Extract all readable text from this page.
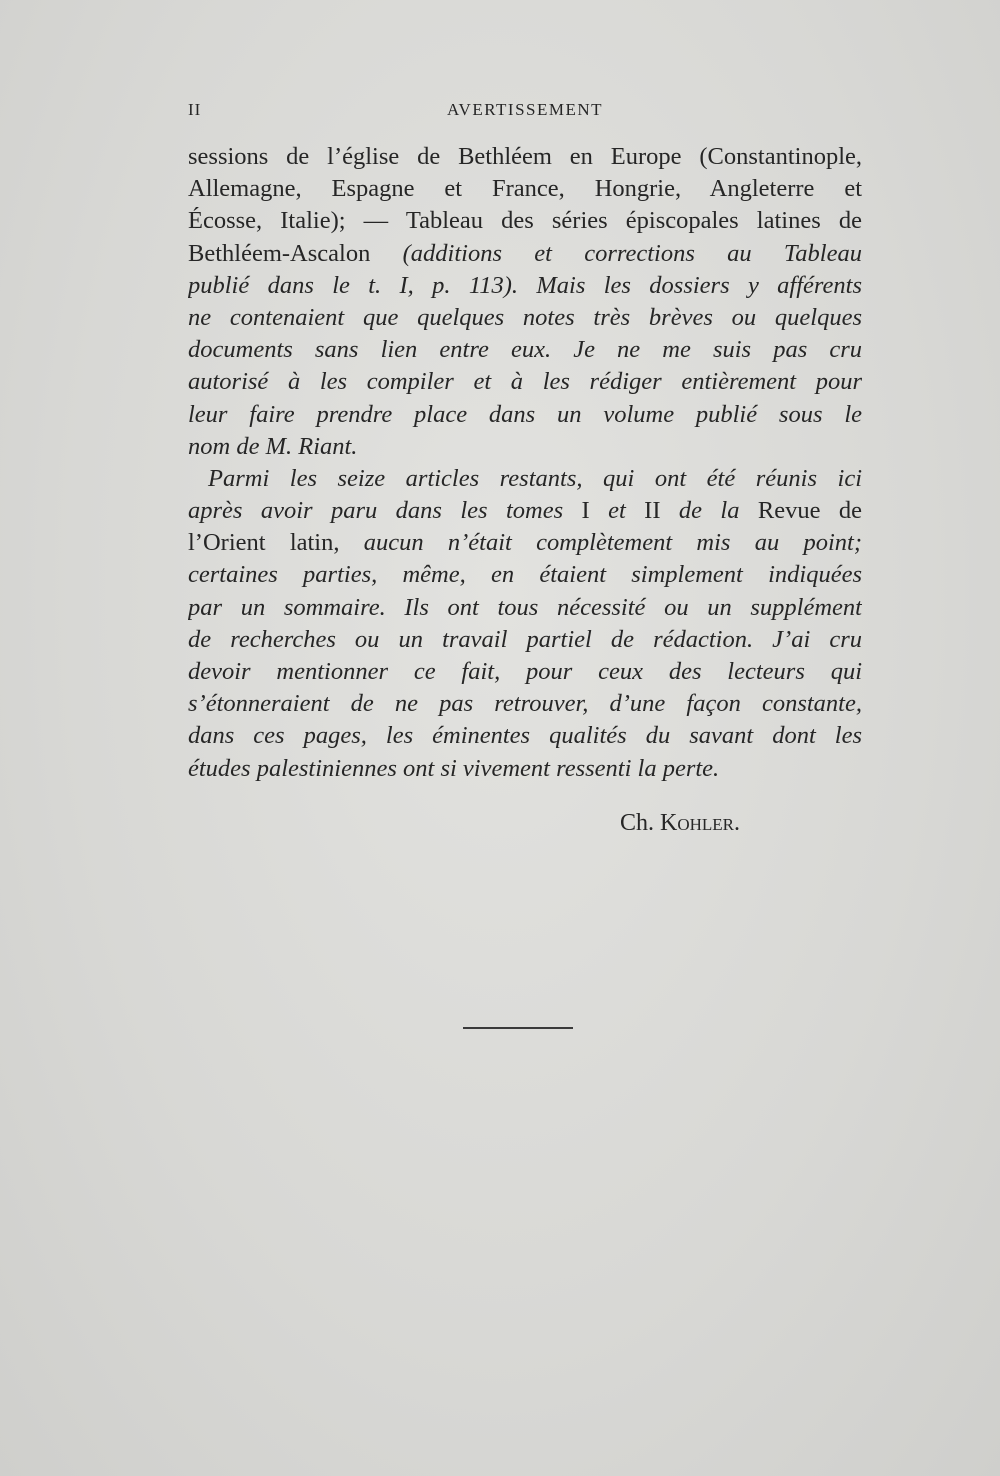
II	AVERTISSEMENT
sessions de l’église de Bethléem en Europe (Constantinople,
Allemagne, Espagne et France, Hongrie, Angleterre et
Écosse, Italie); — Tableau des séries épiscopales latines de
Bethléem-Ascalon (additions et corrections au Tableau
publié dans le t. I, p. 113). Mais les dossiers y afférents
ne contenaient que quelques notes très brèves ou quelques
documents sans lien entre eux. Je ne me suis pas cru
autorisé à les compiler et à les rédiger entièrement pour
leur faire prendre place dans un volume publié sous le
nom de M. Riant.
Parmi les seize articles restants, qui ont été réunis ici
après avoir paru dans les tomes I et II de la Revue de
l’Orient latin, aucun n’était complètement mis au point;
certaines parties, même, en étaient simplement indiquées
par un sommaire. Ils ont tous nécessité ou un supplément
de recherches ou un travail partiel de rédaction. J’ai cru
devoir mentionner ce fait, pour ceux des lecteurs qui
s’étonneraient de ne pas retrouver, d’une façon constante,
dans ces pages, les éminentes qualités du savant dont les
études palestiniennes ont si vivement ressenti la perte.
Ch. Kohler.
